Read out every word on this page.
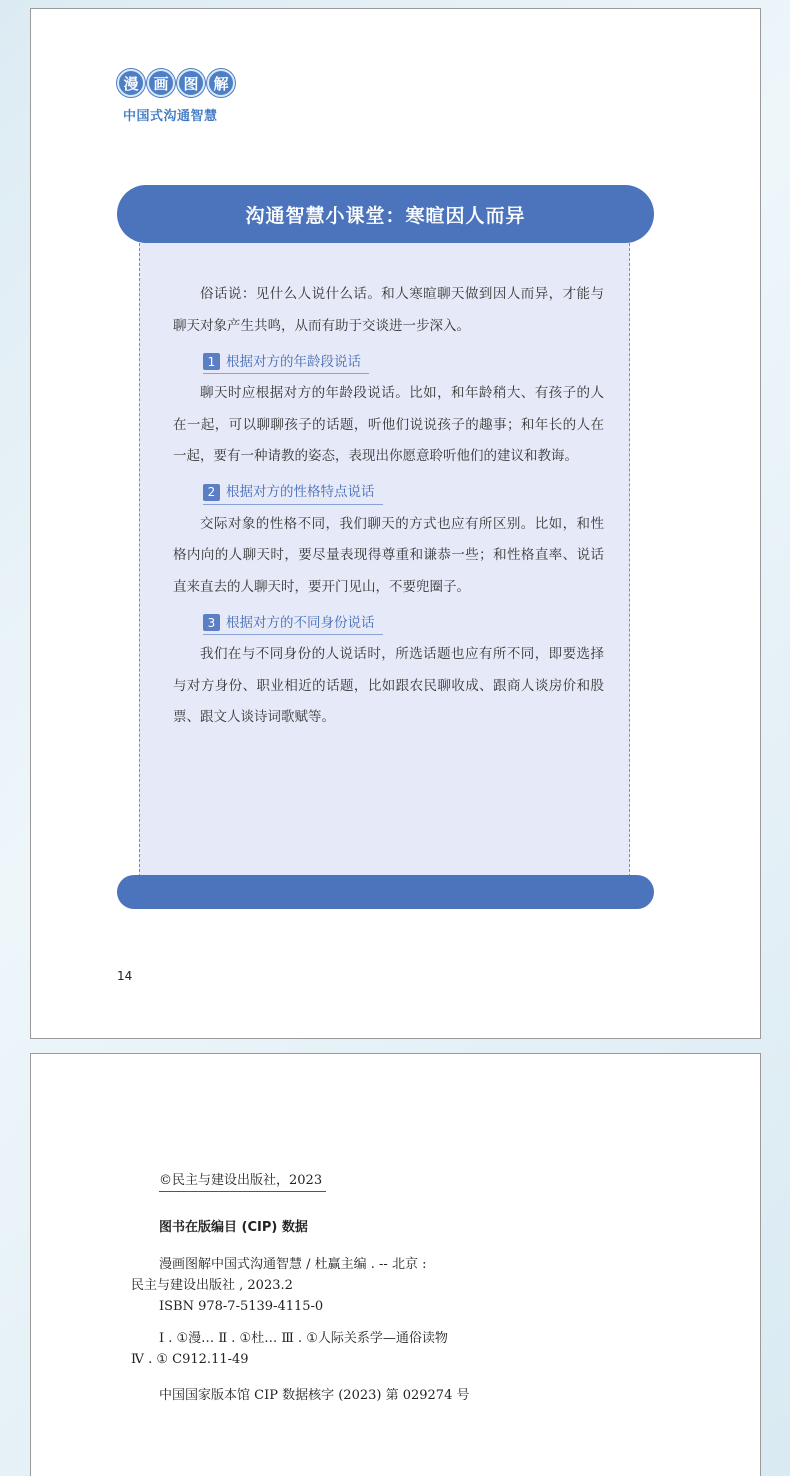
漫 画 图 解
中国式沟通智慧
沟通智慧小课堂：寒暄因人而异

俗话说：见什么人说什么话。和人寒暄聊天做到因人而异，才能与聊天对象产生共鸣，从而有助于交谈进一步深入。

1 根据对方的年龄段说话

聊天时应根据对方的年龄段说话。比如，和年龄稍大、有孩子的人在一起，可以聊聊孩子的话题，听他们说说孩子的趣事；和年长的人在一起，要有一种请教的姿态，表现出你愿意聆听他们的建议和教诲。

2 根据对方的性格特点说话

交际对象的性格不同，我们聊天的方式也应有所区别。比如，和性格内向的人聊天时，要尽量表现得尊重和谦恭一些；和性格直率、说话直来直去的人聊天时，要开门见山，不要兜圈子。

3 根据对方的不同身份说话

我们在与不同身份的人说话时，所选话题也应有所不同，即要选择与对方身份、职业相近的话题，比如跟农民聊收成、跟商人谈房价和股票、跟文人谈诗词歌赋等。

14
©民主与建设出版社，2023
图书在版编目 (CIP) 数据
漫画图解中国式沟通智慧 / 杜赢主编 . -- 北京 :
民主与建设出版社 , 2023.2
ISBN 978-7-5139-4115-0
Ⅰ . ①漫… Ⅱ . ①杜… Ⅲ . ①人际关系学—通俗读物
Ⅳ . ① C912.11-49
中国国家版本馆 CIP 数据核字 (2023) 第 029274 号
